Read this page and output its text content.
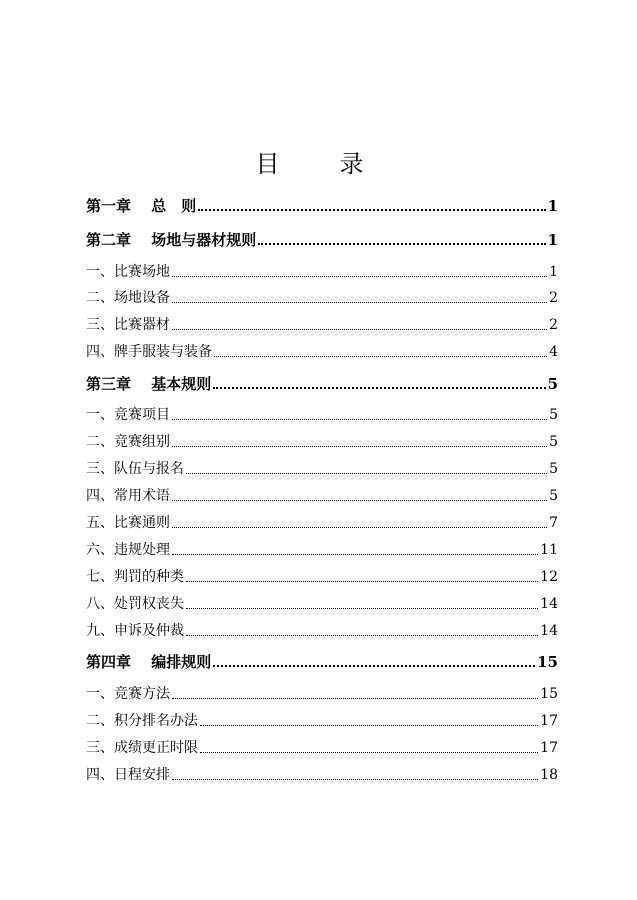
目　录
第一章　 总　则	1
第二章　 场地与器材规则	1
一、比赛场地	1
二、场地设备	2
三、比赛器材	2
四、牌手服装与装备	4
第三章　 基本规则	5
一、竞赛项目	5
二、竞赛组别	5
三、队伍与报名	5
四、常用术语	5
五、比赛通则	7
六、违规处理	11
七、判罚的种类	12
八、处罚权丧失	14
九、申诉及仲裁	14
第四章　 编排规则	15
一、竞赛方法	15
二、积分排名办法	17
三、成绩更正时限	17
四、日程安排	18
